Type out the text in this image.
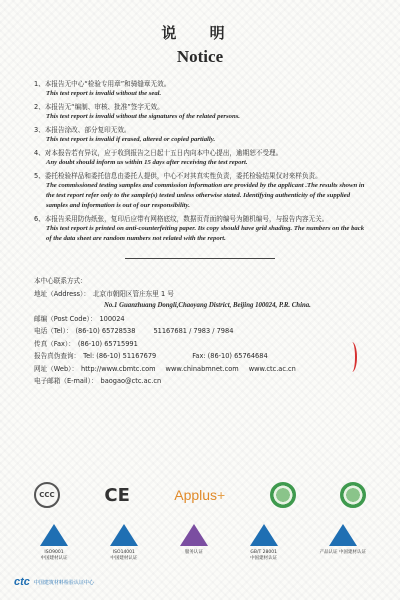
说 明
Notice
1、本报告无中心“检验专用章”和骑缝章无效。
This test report is invalid without the seal.
2、本报告无“编制、审核、批准”签字无效。
This test report is invalid without the signatures of the related persons.
3、本报告涂改、部分复印无效。
This test report is invalid if erased, altered or copied partially.
4、对本报告若有异议，应于收到报告之日起十五日内向本中心提出，逾期恕不受理。
Any doubt should inform us within 15 days after receiving the test report.
5、委托检验样品和委托信息由委托人提供，中心不对其真实性负责，委托检验结果仅对来样负责。
The commissioned testing samples and commission information are provided by the applicant .The results shown in the test report refer only to the sample(s) tested unless otherwise stated. Identifying authenticity of the supplied samples and information is out of our responsibility.
6、本报告采用防伪纸张，复印后应带有网格底纹，数据页背面的编号为随机编号，与报告内容无关。
This test report is printed on anti-counterfeiting paper. Its copy should have grid shading. The numbers on the back of the data sheet are random numbers not related with the report.
本中心联系方式：
地址（Address）： 北京市朝阳区管庄东里 1 号
No.1 Guanzhuang Dongli,Chaoyang District, Beijing 100024, P.R. China.
邮编（Post Code）： 100024
电话（Tel）： (86-10) 65728538	51167681 / 7983 / 7984
传真（Fax）： (86-10) 65715991
报告真伪查询： Tel: (86-10) 51167679	Fax: (86-10) 65764684
网址（Web）： http://www.cbmtc.com www.chinabmnet.com www.ctc.ac.cn
电子邮箱（E-mail）： baogao@ctc.ac.cn
CCC	CE	Applus+
ISO9001
中国建材认证
ISO14001
中国建材认证
服务认证	GB/T 28001
中国建材认证
产品认证 中国建材认证
ctc 中国建筑材料检验认证中心
